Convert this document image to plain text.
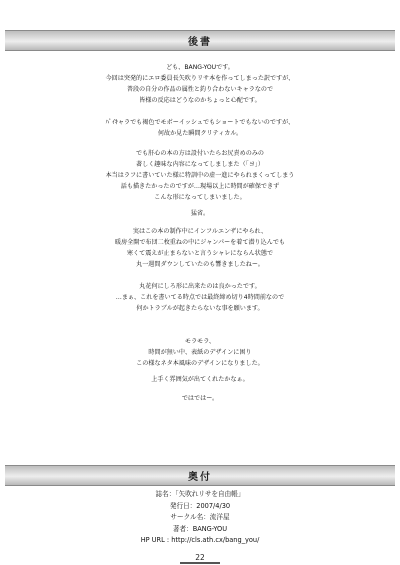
後書
ども、BANG-YOUです。
今回は突発的にエロ委員長矢吹りリサ本を作ってしまった訳ですが、
普段の自分の作品の属性と釣り合わないキャラなので
皆様の反応はどうなのかちょっと心配です。
ﾊﾟｲｷャラでも褐色でモボーイッシュでもショートでもないのですが、
何故か見た瞬間クリティカル。
でも肝心の本の方は設付いたらお尻責めのみの
著しく趣味な内容になってしましまた（「ヨ」）
本当はラフに書いていた様に特訓中の虚一進にやられまくってしまう
話も描きたかったのですが…現場以上に時間が確保できず
こんな形になってしまいました。
猛省。
実はこの本の制作中にインフルエンザにやられ、
暖房全開で布団二枚重ねの中にジャンパーを着て潜り込んでも
寒くて震えが止まらないと言うシャレにならん状態で
丸一週間ダウンしていたのも響きましたねー。
丸花何にしろ形に出来たのは良かったです。
…まぁ、これを書いてる時点では最終締め切り4時間前なので
何かトラブルが起きたらないな事を願います。
モラモラ、
時間が無い中、表紙のデザインに困り
この様なネタ本風味のデザインになりました。
上手く雰囲気が出てくれたかなぁ。
ではではー。
奥付
誌名：「矢吹れリサを自由帳」
発行日：2007/4/30
サークル名：流洋屋
著者：BANG-YOU
HP URL : http://cls.ath.cx/bang_you/
22
